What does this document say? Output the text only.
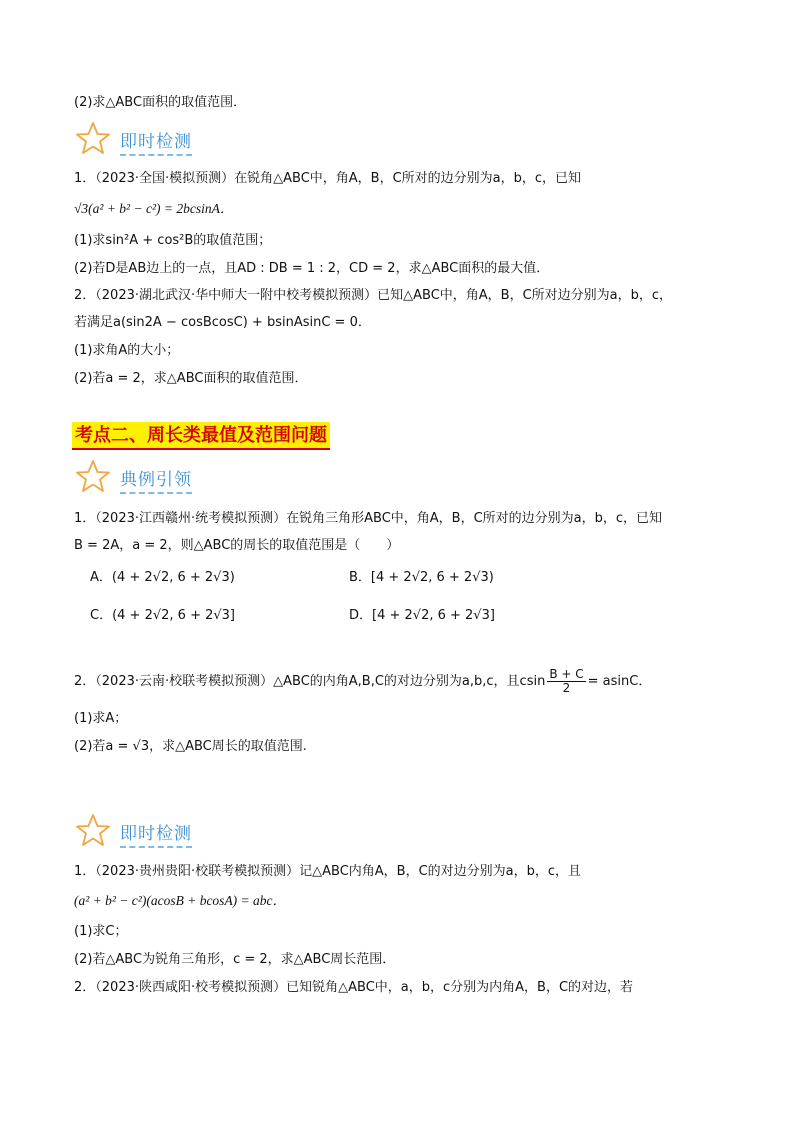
(2)求△ABC面积的取值范围．
即时检测
1．（2023·全国·模拟预测）在锐角△ABC中，角A，B，C所对的边分别为a，b，c，已知
√3(a² + b² − c²) = 2bcsinA．
(1)求sin²A + cos²B的取值范围；
(2)若D是AB边上的一点，且AD : DB = 1 : 2，CD = 2，求△ABC面积的最大值．
2．（2023·湖北武汉·华中师大一附中校考模拟预测）已知△ABC中，角A，B，C所对边分别为a，b，c，
若满足a(sin2A − cosBcosC) + bsinAsinC = 0．
(1)求角A的大小；
(2)若a = 2，求△ABC面积的取值范围．
考点二、周长类最值及范围问题
典例引领
1．（2023·江西赣州·统考模拟预测）在锐角三角形ABC中，角A，B，C所对的边分别为a，b，c，已知
B = 2A，a = 2，则△ABC的周长的取值范围是（　　）
A．(4 + 2√2, 6 + 2√3)	B．[4 + 2√2, 6 + 2√3)
C．(4 + 2√2, 6 + 2√3]	D．[4 + 2√2, 6 + 2√3]
2．（2023·云南·校联考模拟预测）△ABC的内角A,B,C的对边分别为a,b,c，且csin $\frac{B + C}{2} = asinC$．
(1)求A；
(2)若a = √3，求△ABC周长的取值范围.
即时检测
1．（2023·贵州贵阳·校联考模拟预测）记△ABC内角A，B，C的对边分别为a，b，c，且
(a² + b² − c²)(acosB + bcosA) = abc．
(1)求C；
(2)若△ABC为锐角三角形，c = 2，求△ABC周长范围．
2．（2023·陕西咸阳·校考模拟预测）已知锐角△ABC中，a，b，c分别为内角A，B，C的对边，若
